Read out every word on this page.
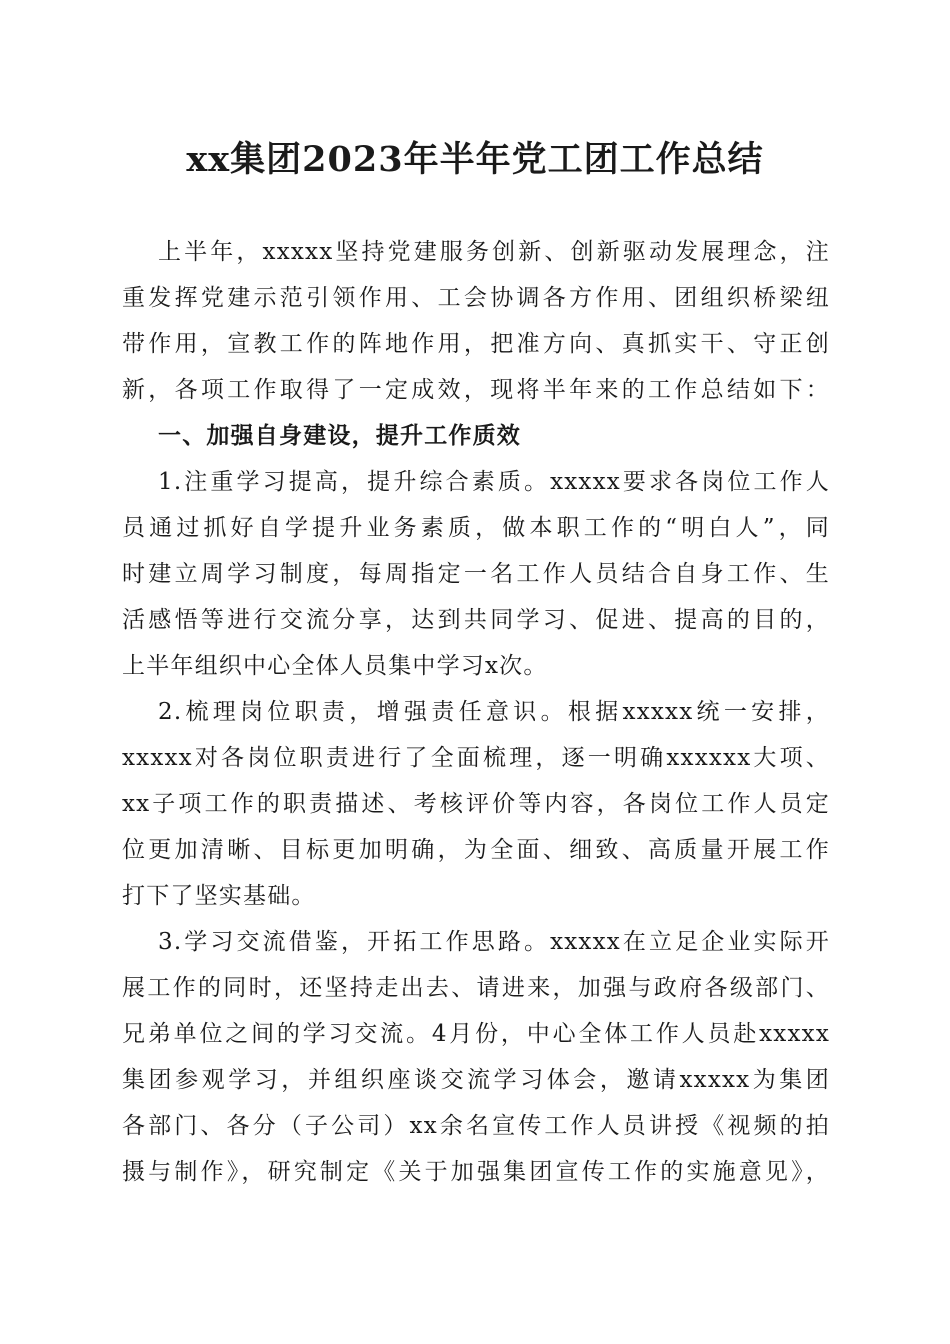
xx集团2023年半年党工团工作总结
上半年，xxxxx坚持党建服务创新、创新驱动发展理念，注
重发挥党建示范引领作用、工会协调各方作用、团组织桥梁纽
带作用，宣教工作的阵地作用，把准方向、真抓实干、守正创
新，各项工作取得了一定成效，现将半年来的工作总结如下：
一、加强自身建设，提升工作质效
1.注重学习提高，提升综合素质。xxxxx要求各岗位工作人
员通过抓好自学提升业务素质，做本职工作的“明白人”，同
时建立周学习制度，每周指定一名工作人员结合自身工作、生
活感悟等进行交流分享，达到共同学习、促进、提高的目的，
上半年组织中心全体人员集中学习x次。
2.梳理岗位职责，增强责任意识。根据xxxxx统一安排，
xxxxx对各岗位职责进行了全面梳理，逐一明确xxxxxx大项、
xx子项工作的职责描述、考核评价等内容，各岗位工作人员定
位更加清晰、目标更加明确，为全面、细致、高质量开展工作
打下了坚实基础。
3.学习交流借鉴，开拓工作思路。xxxxx在立足企业实际开
展工作的同时，还坚持走出去、请进来，加强与政府各级部门、
兄弟单位之间的学习交流。4月份，中心全体工作人员赴xxxxx
集团参观学习，并组织座谈交流学习体会，邀请xxxxx为集团
各部门、各分（子公司）xx余名宣传工作人员讲授《视频的拍
摄与制作》，研究制定《关于加强集团宣传工作的实施意见》，
